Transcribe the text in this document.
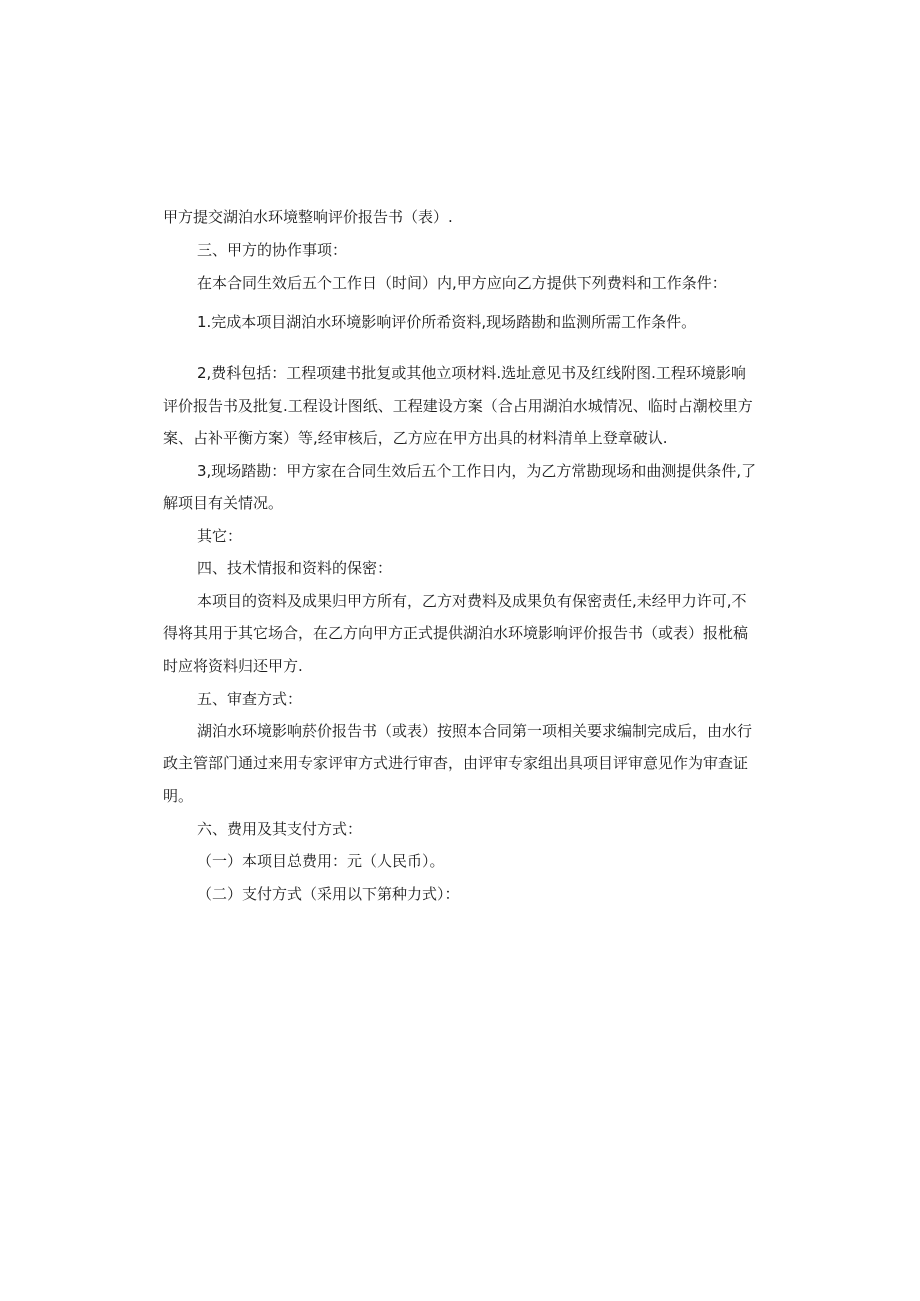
甲方提交湖泊水环境整响评价报告书（表）.
三、甲方的协作事项：
在本合同生效后五个工作日（时间）内,甲方应向乙方提供下列费料和工作条件：
1.完成本项目湖泊水环境影响评价所希资料,现场踏勘和监测所需工作条件。
2,费科包括：工程项建书批复或其他立项材料.选址意见书及红线附图.工程环境影响
评价报告书及批复.工程设计图纸、工程建设方案（合占用湖泊水城情况、临时占潮校里方
案、占补平衡方案）等,经审核后，乙方应在甲方出具的材料清单上登章破认.
3,现场踏勘：甲方家在合同生效后五个工作日内，为乙方常勘现场和曲测提供条件,了
解项目有关情况。
其它：
四、技术情报和资料的保密：
本项目的资料及成果归甲方所有，乙方对费料及成果负有保密责任,未经甲力许可,不
得将其用于其它场合，在乙方向甲方正式提供湖泊水环境影响评价报告书（或表）报枇稿
时应将资料归还甲方.
五、审查方式：
湖泊水环境影响菸价报告书（或表）按照本合同第一项相关要求编制完成后，由水行
政主管部门通过来用专家评审方式进行审杳，由评审专家组出具项目评审意见作为审查证
明。
六、费用及其支付方式：
（一）本项目总费用：元（人民币）。
（二）支付方式（采用以下第种力式）：
